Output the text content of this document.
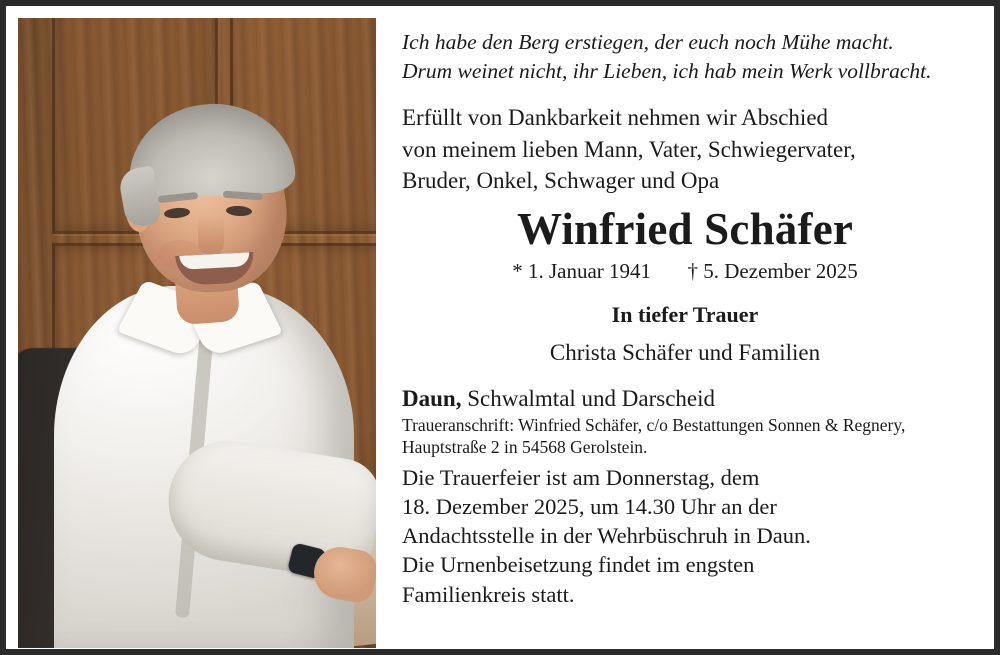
Ich habe den Berg erstiegen, der euch noch Mühe macht.
Drum weinet nicht, ihr Lieben, ich hab mein Werk vollbracht.
Erfüllt von Dankbarkeit nehmen wir Abschied
von meinem lieben Mann, Vater, Schwiegervater,
Bruder, Onkel, Schwager und Opa
Winfried Schäfer
* 1. Januar 1941 † 5. Dezember 2025
In tiefer Trauer
Christa Schäfer und Familien
Daun, Schwalmtal und Darscheid
Traueranschrift: Winfried Schäfer, c/o Bestattungen Sonnen & Regnery,
Hauptstraße 2 in 54568 Gerolstein.
Die Trauerfeier ist am Donnerstag, dem
18. Dezember 2025, um 14.30 Uhr an der
Andachtsstelle in der Wehrbüschruh in Daun.
Die Urnenbeisetzung findet im engsten
Familienkreis statt.
